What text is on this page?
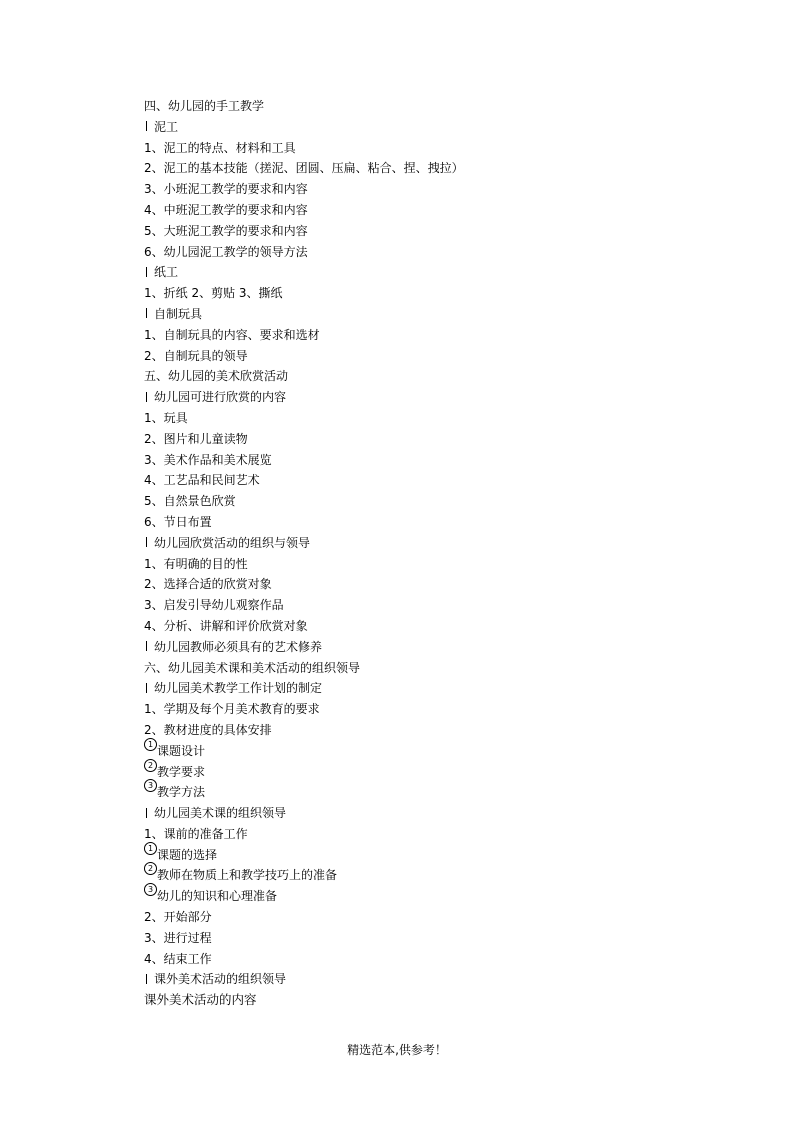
四、幼儿园的手工教学
泥工
1、泥工的特点、材料和工具
2、泥工的基本技能（搓泥、团圆、压扁、粘合、捏、拽拉）
3、小班泥工教学的要求和内容
4、中班泥工教学的要求和内容
5、大班泥工教学的要求和内容
6、幼儿园泥工教学的领导方法
纸工
1、折纸 2、剪贴 3、撕纸
自制玩具
1、自制玩具的内容、要求和选材
2、自制玩具的领导
五、幼儿园的美术欣赏活动
幼儿园可进行欣赏的内容
1、玩具
2、图片和儿童读物
3、美术作品和美术展览
4、工艺品和民间艺术
5、自然景色欣赏
6、节日布置
幼儿园欣赏活动的组织与领导
1、有明确的目的性
2、选择合适的欣赏对象
3、启发引导幼儿观察作品
4、分析、讲解和评价欣赏对象
幼儿园教师必须具有的艺术修养
六、幼儿园美术课和美术活动的组织领导
幼儿园美术教学工作计划的制定
1、学期及每个月美术教育的要求
2、教材进度的具体安排
1 课题设计
2 教学要求
3 教学方法
幼儿园美术课的组织领导
1、课前的准备工作
1 课题的选择
2 教师在物质上和教学技巧上的准备
3 幼儿的知识和心理准备
2、开始部分
3、进行过程
4、结束工作
课外美术活动的组织领导
课外美术活动的内容
精选范本,供参考！
